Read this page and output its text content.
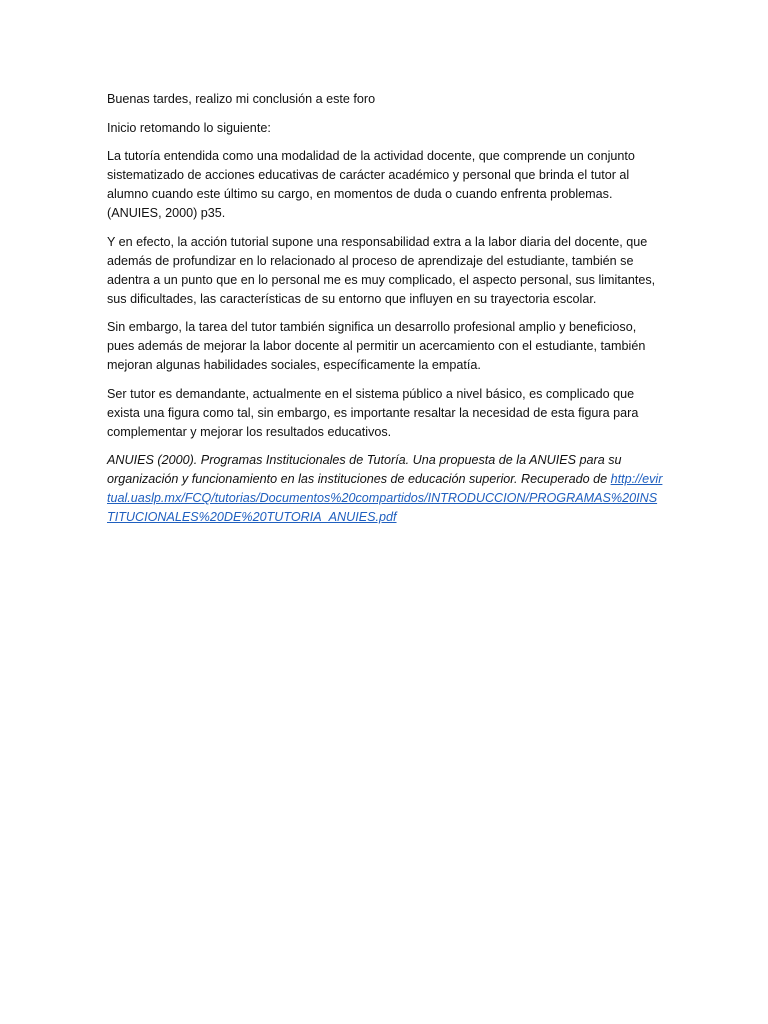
Buenas tardes, realizo mi conclusión a este foro

Inicio retomando lo siguiente:

La tutoría entendida como una modalidad de la actividad docente, que comprende un conjunto sistematizado de acciones educativas de carácter académico y personal que brinda el tutor al alumno cuando este último su cargo, en momentos de duda o cuando enfrenta problemas. (ANUIES, 2000) p35.

Y en efecto, la acción tutorial supone una responsabilidad extra a la labor diaria del docente, que además de profundizar en lo relacionado al proceso de aprendizaje del estudiante, también se adentra a un punto que en lo personal me es muy complicado, el aspecto personal, sus limitantes, sus dificultades, las características de su entorno que influyen en su trayectoria escolar.

Sin embargo, la tarea del tutor también significa un desarrollo profesional amplio y beneficioso, pues además de mejorar la labor docente al permitir un acercamiento con el estudiante, también mejoran algunas habilidades sociales, específicamente la empatía.

Ser tutor es demandante, actualmente en el sistema público a nivel básico, es complicado que exista una figura como tal, sin embargo, es importante resaltar la necesidad de esta figura para complementar y mejorar los resultados educativos.

ANUIES (2000). Programas Institucionales de Tutoría. Una propuesta de la ANUIES para su organización y funcionamiento en las instituciones de educación superior. Recuperado de http://evirtual.uaslp.mx/FCQ/tutorias/Documentos%20compartidos/INTRODUCCION/PROGRAMAS%20INSTITUCIONALES%20DE%20TUTORIA_ANUIES.pdf
